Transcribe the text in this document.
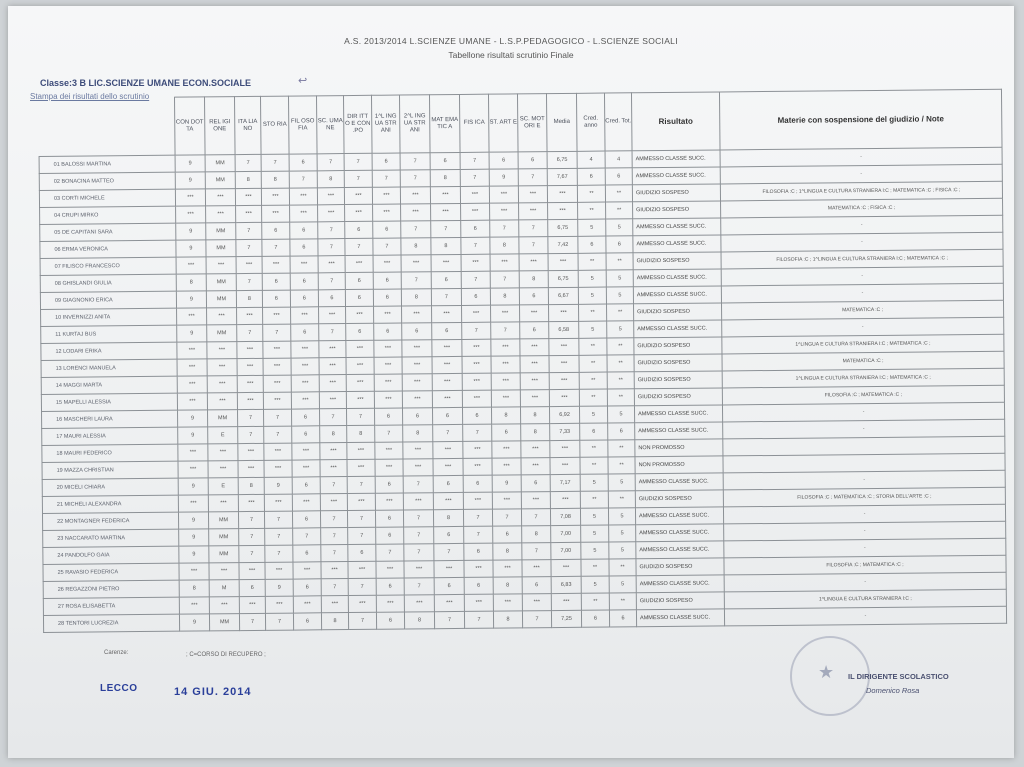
A.S. 2013/2014 L.SCIENZE UMANE - L.S.P.PEDAGOGICO - L.SCIENZE SOCIALI
Tabellone risultati scrutinio Finale
Classe:3 B LIC.SCIENZE UMANE ECON.SOCIALE	↩
Stampa dei risultati dello scrutinio
	CON DOT TA	REL IGI ONE	ITA LIA NO	STO RIA	FIL OSO FIA	SC. UMA NE	DIR ITT O E CON .PO	1^L ING UA STR ANI	2^L ING UA STR ANI	MAT EMA TIC A	FIS ICA	ST. ART E	SC. MOT ORI E	Media	Cred. anno	Cred. Tot.	Risultato	Materie con sospensione del giudizio / Note
01 BALOSSI MARTINA	9	MM	7	7	6	7	7	6	7	6	7	6	6	6,75	4	4	AMMESSO CLASSE SUCC.	-
02 BONACINA MATTEO	9	MM	8	8	7	8	7	7	7	8	7	9	7	7,67	6	6	AMMESSO CLASSE SUCC.	-
03 CORTI MICHELE	***	***	***	***	***	***	***	***	***	***	***	***	***	***	**	**	GIUDIZIO SOSPESO	FILOSOFIA :C ; 1^LINGUA E CULTURA STRANIERA I:C ; MATEMATICA :C ; FISICA :C ;
04 CRUPI MIRKO	***	***	***	***	***	***	***	***	***	***	***	***	***	***	**	**	GIUDIZIO SOSPESO	MATEMATICA :C ; FISICA :C ;
05 DE CAPITANI SARA	9	MM	7	6	6	7	6	6	7	7	6	7	7	6,75	5	5	AMMESSO CLASSE SUCC.	-
06 ERMA VERONICA	9	MM	7	7	6	7	7	7	8	8	7	8	7	7,42	6	6	AMMESSO CLASSE SUCC.	-
07 FILISCO FRANCESCO	***	***	***	***	***	***	***	***	***	***	***	***	***	***	**	**	GIUDIZIO SOSPESO	FILOSOFIA :C ; 1^LINGUA E CULTURA STRANIERA I:C ; MATEMATICA :C ;
08 GHISLANDI GIULIA	8	MM	7	6	6	7	6	6	7	6	7	7	8	6,75	5	5	AMMESSO CLASSE SUCC.	-
09 GIAGNONIO ERICA	9	MM	8	6	6	6	6	6	8	7	6	8	6	6,67	5	5	AMMESSO CLASSE SUCC.	-
10 INVERNIZZI ANITA	***	***	***	***	***	***	***	***	***	***	***	***	***	***	**	**	GIUDIZIO SOSPESO	MATEMATICA :C ;
11 KURTAJ BUS	9	MM	7	7	6	7	6	6	6	6	7	7	6	6,58	5	5	AMMESSO CLASSE SUCC.	-
12 LODARI ERIKA	***	***	***	***	***	***	***	***	***	***	***	***	***	***	**	**	GIUDIZIO SOSPESO	1^LINGUA E CULTURA STRANIERA I:C ; MATEMATICA :C ;
13 LORENCI MANUELA	***	***	***	***	***	***	***	***	***	***	***	***	***	***	**	**	GIUDIZIO SOSPESO	MATEMATICA :C ;
14 MAGGI MARTA	***	***	***	***	***	***	***	***	***	***	***	***	***	***	**	**	GIUDIZIO SOSPESO	1^LINGUA E CULTURA STRANIERA I:C ; MATEMATICA :C ;
15 MAPELLI ALESSIA	***	***	***	***	***	***	***	***	***	***	***	***	***	***	**	**	GIUDIZIO SOSPESO	FILOSOFIA :C ; MATEMATICA :C ;
16 MASCHERI LAURA	9	MM	7	7	6	7	7	6	6	6	6	8	8	6,92	5	5	AMMESSO CLASSE SUCC.	-
17 MAURI ALESSIA	9	E	7	7	6	8	8	7	8	7	7	6	8	7,33	6	6	AMMESSO CLASSE SUCC.	-
18 MAURI FEDERICO	***	***	***	***	***	***	***	***	***	***	***	***	***	***	**	**	NON PROMOSSO	
19 MAZZA CHRISTIAN	***	***	***	***	***	***	***	***	***	***	***	***	***	***	**	**	NON PROMOSSO	
20 MICELI CHIARA	9	E	8	9	6	7	7	6	7	6	6	9	6	7,17	5	5	AMMESSO CLASSE SUCC.	-
21 MICHELI ALEXANDRA	***	***	***	***	***	***	***	***	***	***	***	***	***	***	**	**	GIUDIZIO SOSPESO	FILOSOFIA :C ; MATEMATICA :C ; STORIA DELL'ARTE :C ;
22 MONTAGNER FEDERICA	9	MM	7	7	6	7	7	6	7	8	7	7	7	7,08	5	5	AMMESSO CLASSE SUCC.	-
23 NACCARATO MARTINA	9	MM	7	7	7	7	7	6	7	6	7	6	8	7,00	5	5	AMMESSO CLASSE SUCC.	-
24 PANDOLFO GAIA	9	MM	7	7	6	7	6	7	7	7	6	8	7	7,00	5	5	AMMESSO CLASSE SUCC.	-
25 RAVASIO FEDERICA	***	***	***	***	***	***	***	***	***	***	***	***	***	***	**	**	GIUDIZIO SOSPESO	FILOSOFIA :C ; MATEMATICA :C ;
26 REGAZZONI PIETRO	8	M	6	9	6	7	7	6	7	6	6	8	6	6,83	5	5	AMMESSO CLASSE SUCC.	-
27 ROSA ELISABETTA	***	***	***	***	***	***	***	***	***	***	***	***	***	***	**	**	GIUDIZIO SOSPESO	1^LINGUA E CULTURA STRANIERA I:C ;
28 TENTORI LUCREZIA	9	MM	7	7	6	8	7	6	8	7	7	8	7	7,25	6	6	AMMESSO CLASSE SUCC.	-
Carenze:	; C=CORSO DI RECUPERO ;
LECCO	14 GIU. 2014
★ IL DIRIGENTE SCOLASTICO
Domenico Rosa
